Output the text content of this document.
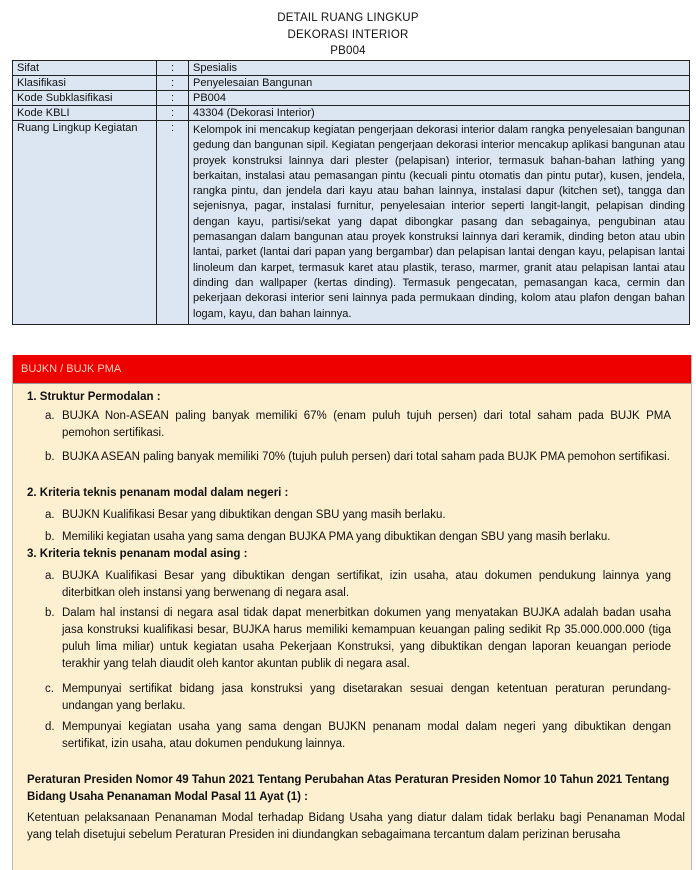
DETAIL RUANG LINGKUP
DEKORASI INTERIOR
PB004
Sifat	:	Spesialis
Klasifikasi	:	Penyelesaian Bangunan
Kode Subklasifikasi	:	PB004
Kode KBLI	:	43304 (Dekorasi Interior)
Ruang Lingkup Kegiatan	:	Kelompok ini mencakup kegiatan pengerjaan dekorasi interior dalam rangka penyelesaian bangunan gedung dan bangunan sipil. Kegiatan pengerjaan dekorasi interior mencakup aplikasi bangunan atau proyek konstruksi lainnya dari plester (pelapisan) interior, termasuk bahan-bahan lathing yang berkaitan, instalasi atau pemasangan pintu (kecuali pintu otomatis dan pintu putar), kusen, jendela, rangka pintu, dan jendela dari kayu atau bahan lainnya, instalasi dapur (kitchen set), tangga dan sejenisnya, pagar, instalasi furnitur, penyelesaian interior seperti langit-langit, pelapisan dinding dengan kayu, partisi/sekat yang dapat dibongkar pasang dan sebagainya, pengubinan atau pemasangan dalam bangunan atau proyek konstruksi lainnya dari keramik, dinding beton atau ubin lantai, parket (lantai dari papan yang bergambar) dan pelapisan lantai dengan kayu, pelapisan lantai linoleum dan karpet, termasuk karet atau plastik, teraso, marmer, granit atau pelapisan lantai atau dinding dan wallpaper (kertas dinding). Termasuk pengecatan, pemasangan kaca, cermin dan pekerjaan dekorasi interior seni lainnya pada permukaan dinding, kolom atau plafon dengan bahan logam, kayu, dan bahan lainnya.
BUJKN / BUJK PMA
1. Struktur Permodalan :
a. BUJKA Non-ASEAN paling banyak memiliki 67% (enam puluh tujuh persen) dari total saham pada BUJK PMA pemohon sertifikasi.
b. BUJKA ASEAN paling banyak memiliki 70% (tujuh puluh persen) dari total saham pada BUJK PMA pemohon sertifikasi.
2. Kriteria teknis penanam modal dalam negeri :
a. BUJKN Kualifikasi Besar yang dibuktikan dengan SBU yang masih berlaku.
b. Memiliki kegiatan usaha yang sama dengan BUJKA PMA yang dibuktikan dengan SBU yang masih berlaku.
3. Kriteria teknis penanam modal asing :
a. BUJKA Kualifikasi Besar yang dibuktikan dengan sertifikat, izin usaha, atau dokumen pendukung lainnya yang diterbitkan oleh instansi yang berwenang di negara asal.
b. Dalam hal instansi di negara asal tidak dapat menerbitkan dokumen yang menyatakan BUJKA adalah badan usaha jasa konstruksi kualifikasi besar, BUJKA harus memiliki kemampuan keuangan paling sedikit Rp 35.000.000.000 (tiga puluh lima miliar) untuk kegiatan usaha Pekerjaan Konstruksi, yang dibuktikan dengan laporan keuangan periode terakhir yang telah diaudit oleh kantor akuntan publik di negara asal.
c. Mempunyai sertifikat bidang jasa konstruksi yang disetarakan sesuai dengan ketentuan peraturan perundang-undangan yang berlaku.
d. Mempunyai kegiatan usaha yang sama dengan BUJKN penanam modal dalam negeri yang dibuktikan dengan sertifikat, izin usaha, atau dokumen pendukung lainnya.
Peraturan Presiden Nomor 49 Tahun 2021 Tentang Perubahan Atas Peraturan Presiden Nomor 10 Tahun 2021 Tentang Bidang Usaha Penanaman Modal Pasal 11 Ayat (1) :
Ketentuan pelaksanaan Penanaman Modal terhadap Bidang Usaha yang diatur dalam tidak berlaku bagi Penanaman Modal yang telah disetujui sebelum Peraturan Presiden ini diundangkan sebagaimana tercantum dalam perizinan berusaha
